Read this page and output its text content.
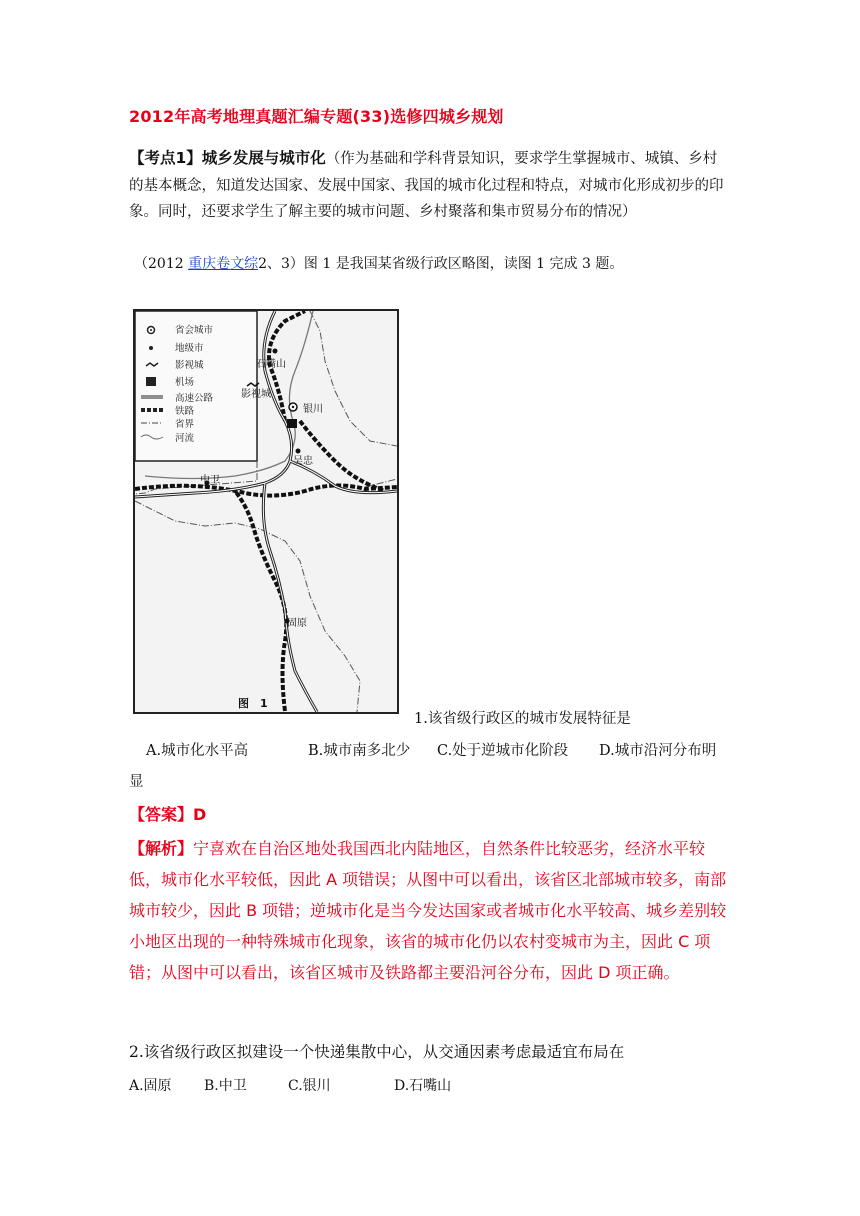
2012年高考地理真题汇编专题(33)选修四城乡规划
【考点1】城乡发展与城市化（作为基础和学科背景知识，要求学生掌握城市、城镇、乡村的基本概念，知道发达国家、发展中国家、我国的城市化过程和特点，对城市化形成初步的印象。同时，还要求学生了解主要的城市问题、乡村聚落和集市贸易分布的情况）
（2012 重庆卷文综2、3）图 1 是我国某省级行政区略图，读图 1 完成 3 题。
省会城市
地级市
影视城
机场
高速公路
铁路
省界
河流
石嘴山
影视城
银川
吴忠
中卫
固原
图　1
1.该省级行政区的城市发展特征是
A.城市化水平高	B.城市南多北少 C.处于逆城市化阶段 D.城市沿河分布明
显
【答案】D
【解析】宁喜欢在自治区地处我国西北内陆地区，自然条件比较恶劣，经济水平较低，城市化水平较低，因此 A 项错误；从图中可以看出，该省区北部城市较多，南部城市较少，因此 B 项错；逆城市化是当今发达国家或者城市化水平较高、城乡差别较小地区出现的一种特殊城市化现象，该省的城市化仍以农村变城市为主，因此 C 项错；从图中可以看出，该省区城市及铁路都主要沿河谷分布，因此 D 项正确。
2.该省级行政区拟建设一个快递集散中心，从交通因素考虑最适宜布局在
A.固原 B.中卫	C.银川	D.石嘴山
